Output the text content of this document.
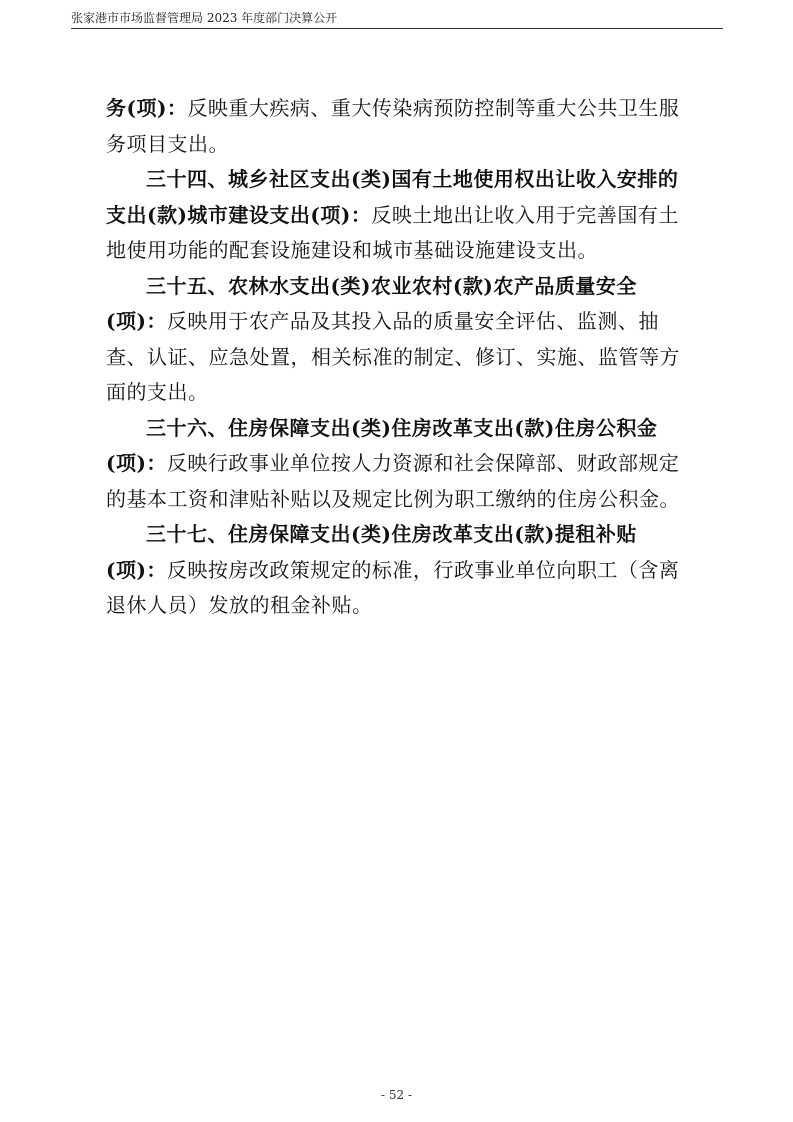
张家港市市场监督管理局 2023 年度部门决算公开

务(项)：反映重大疾病、重大传染病预防控制等重大公共卫生服务项目支出。

三十四、城乡社区支出(类)国有土地使用权出让收入安排的支出(款)城市建设支出(项)：反映土地出让收入用于完善国有土地使用功能的配套设施建设和城市基础设施建设支出。

三十五、农林水支出(类)农业农村(款)农产品质量安全(项)：反映用于农产品及其投入品的质量安全评估、监测、抽查、认证、应急处置，相关标准的制定、修订、实施、监管等方面的支出。

三十六、住房保障支出(类)住房改革支出(款)住房公积金(项)：反映行政事业单位按人力资源和社会保障部、财政部规定的基本工资和津贴补贴以及规定比例为职工缴纳的住房公积金。

三十七、住房保障支出(类)住房改革支出(款)提租补贴(项)：反映按房改政策规定的标准，行政事业单位向职工（含离退休人员）发放的租金补贴。

- 52 -
